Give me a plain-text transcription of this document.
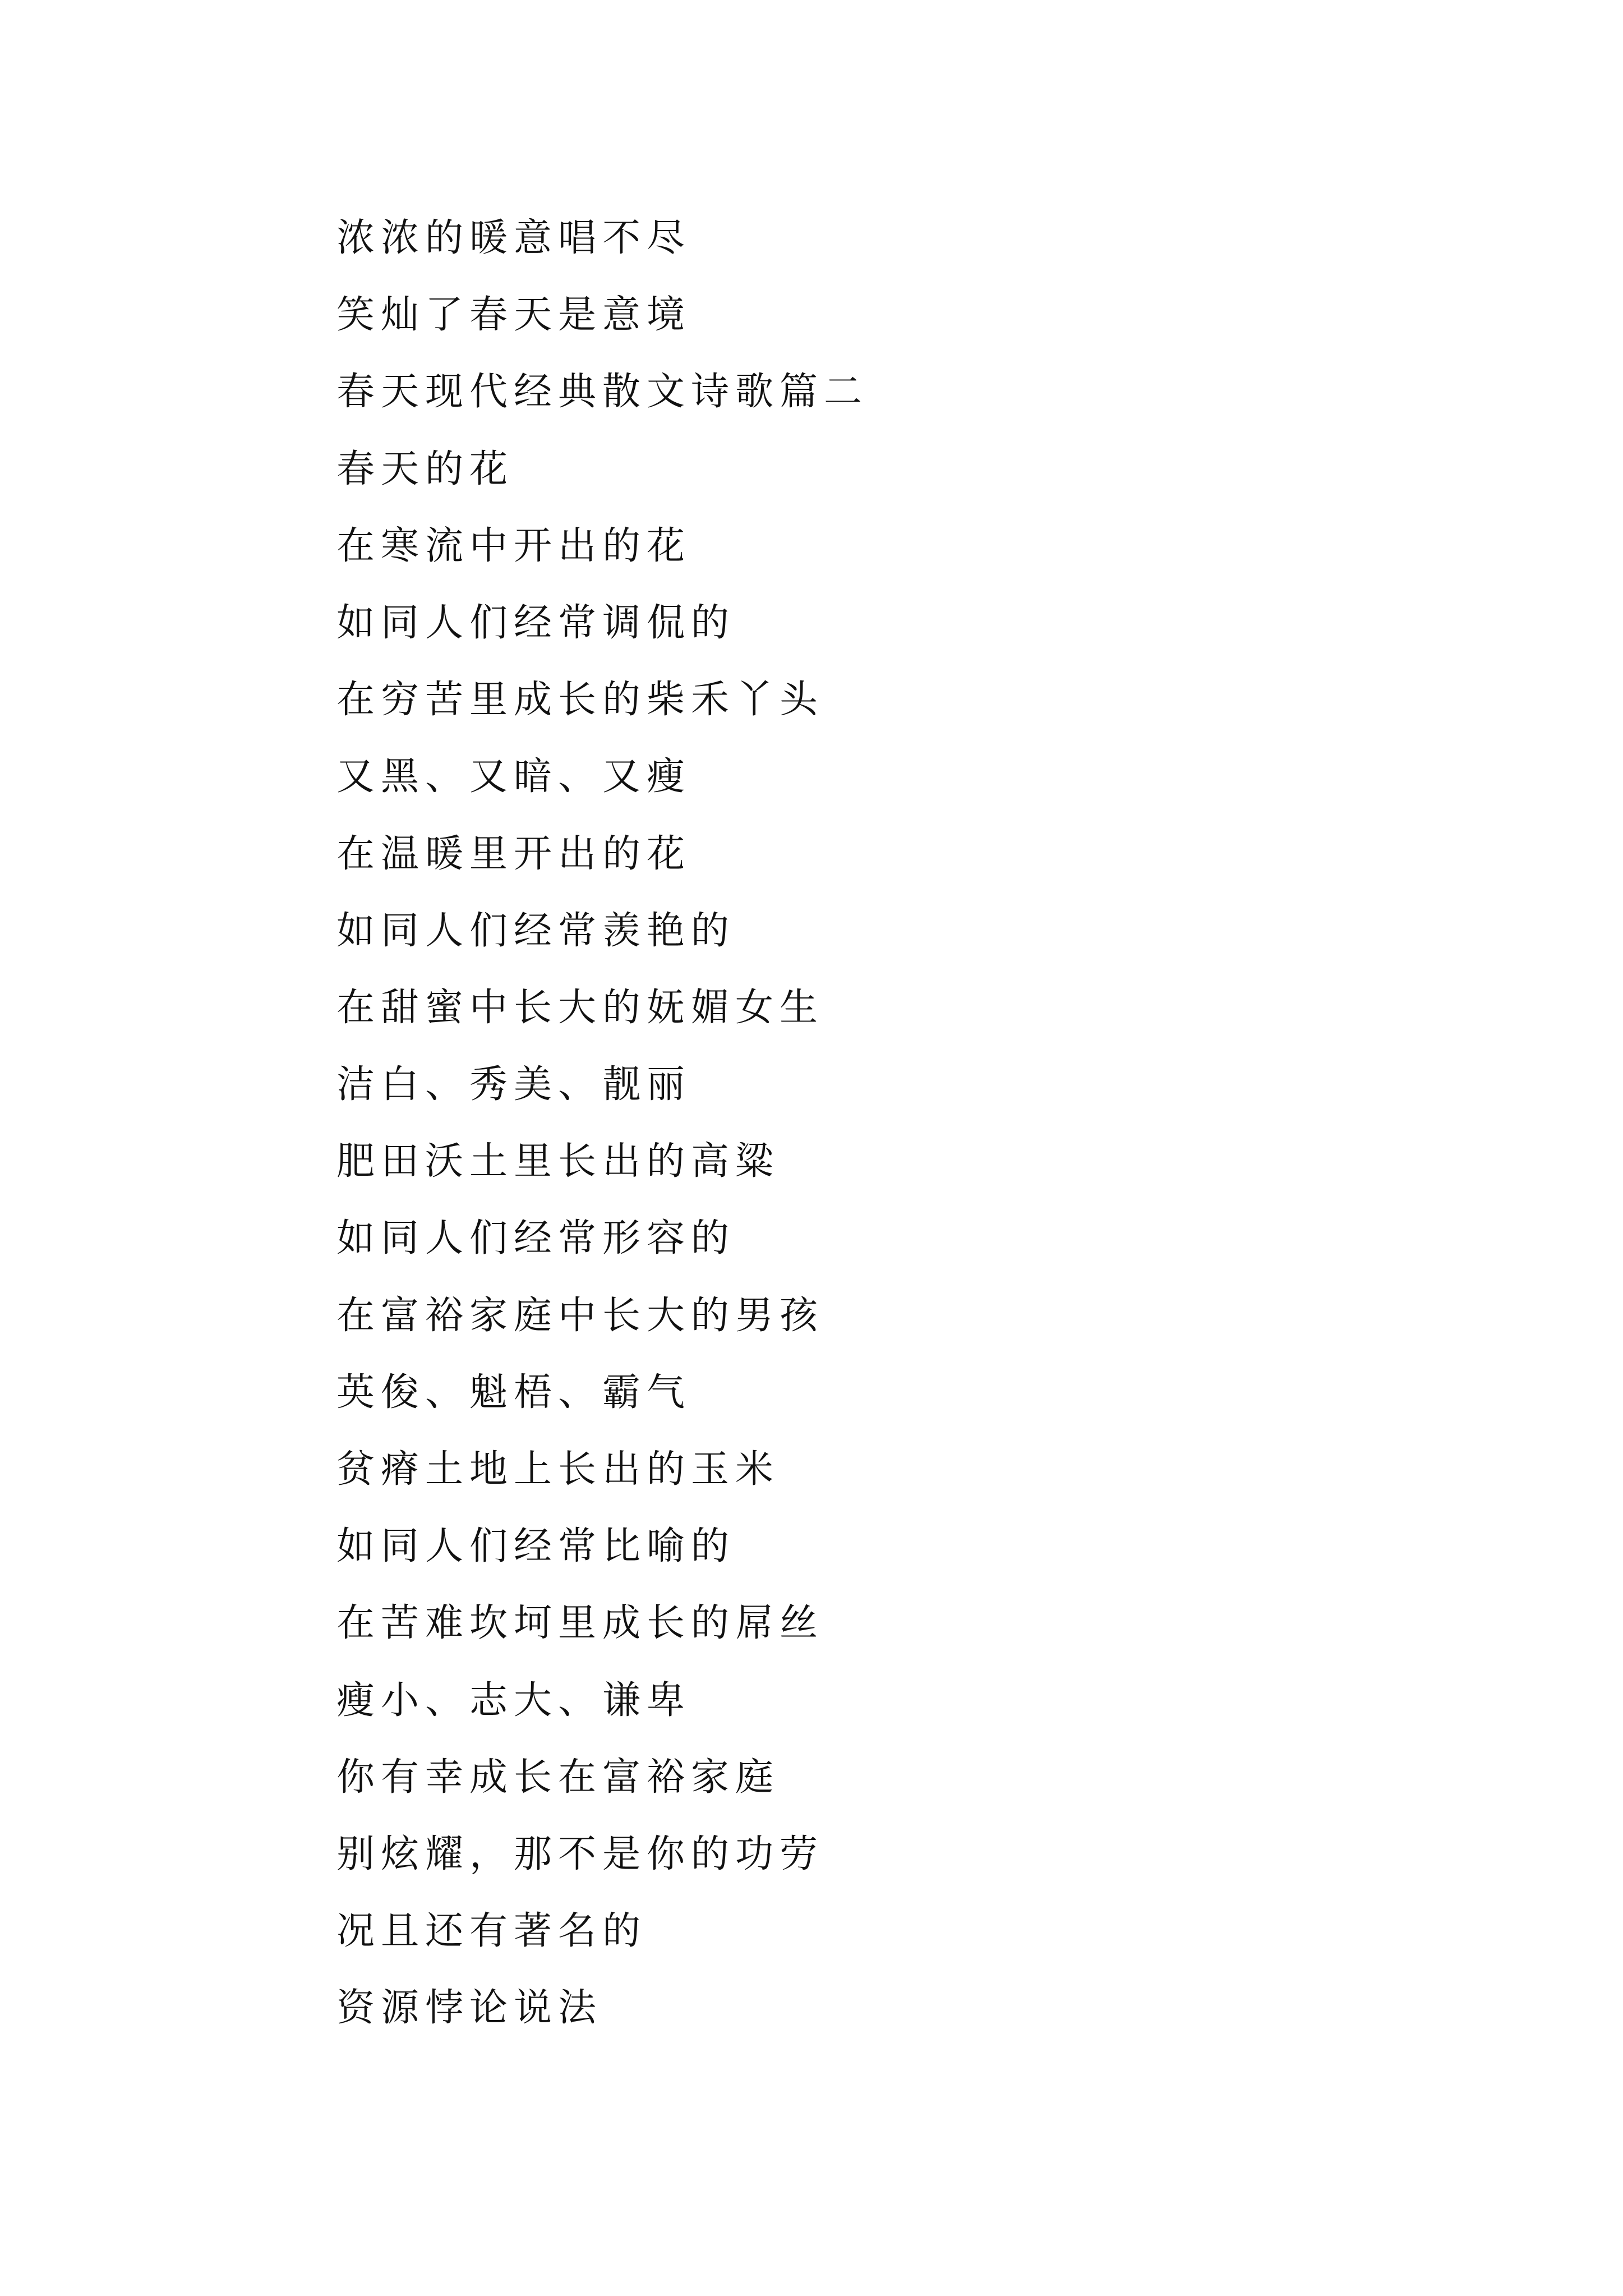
浓浓的暖意唱不尽
笑灿了春天是意境
春天现代经典散文诗歌篇二
春天的花
在寒流中开出的花
如同人们经常调侃的
在穷苦里成长的柴禾丫头
又黑、又暗、又瘦
在温暖里开出的花
如同人们经常羡艳的
在甜蜜中长大的妩媚女生
洁白、秀美、靓丽
肥田沃土里长出的高粱
如同人们经常形容的
在富裕家庭中长大的男孩
英俊、魁梧、霸气
贫瘠土地上长出的玉米
如同人们经常比喻的
在苦难坎坷里成长的屌丝
瘦小、志大、谦卑
你有幸成长在富裕家庭
别炫耀，那不是你的功劳
况且还有著名的
资源悖论说法
